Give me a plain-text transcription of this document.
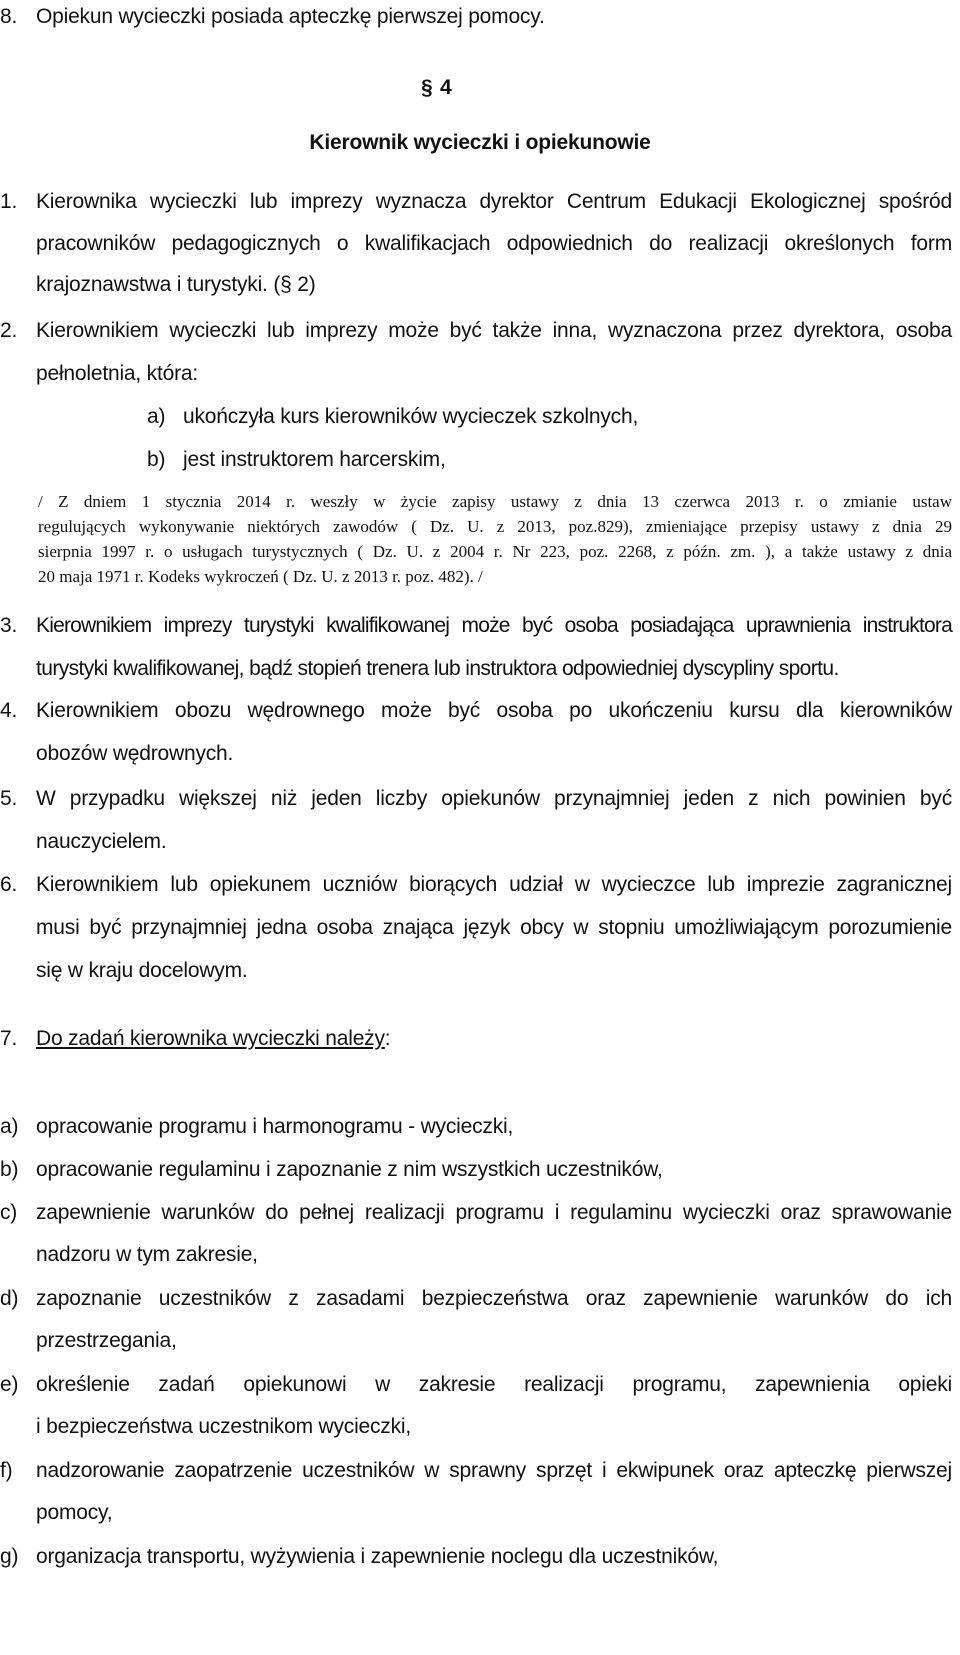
8. Opiekun wycieczki posiada apteczkę pierwszej pomocy.
§ 4
Kierownik wycieczki i opiekunowie
1. Kierownika wycieczki lub imprezy wyznacza dyrektor Centrum Edukacji Ekologicznej spośród
pracowników pedagogicznych o kwalifikacjach odpowiednich do realizacji określonych form
krajoznawstwa i turystyki. (§ 2)
2. Kierownikiem wycieczki lub imprezy może być także inna, wyznaczona przez dyrektora, osoba
pełnoletnia, która:
a) ukończyła kurs kierowników wycieczek szkolnych,
b) jest instruktorem harcerskim,
/ Z dniem 1 stycznia 2014 r. weszły w życie zapisy ustawy z dnia 13 czerwca 2013 r. o zmianie ustaw
regulujących wykonywanie niektórych zawodów ( Dz. U. z 2013, poz.829), zmieniające przepisy ustawy z dnia 29
sierpnia 1997 r. o usługach turystycznych ( Dz. U. z 2004 r. Nr 223, poz. 2268, z późn. zm. ), a także ustawy z dnia
20 maja 1971 r. Kodeks wykroczeń ( Dz. U. z 2013 r. poz. 482). /
3. Kierownikiem imprezy turystyki kwalifikowanej może być osoba posiadająca uprawnienia instruktora
turystyki kwalifikowanej, bądź stopień trenera lub instruktora odpowiedniej dyscypliny sportu.
4. Kierownikiem obozu wędrownego może być osoba po ukończeniu kursu dla kierowników
obozów wędrownych.
5. W przypadku większej niż jeden liczby opiekunów przynajmniej jeden z nich powinien być
nauczycielem.
6. Kierownikiem lub opiekunem uczniów biorących udział w wycieczce lub imprezie zagranicznej
musi być przynajmniej jedna osoba znająca język obcy w stopniu umożliwiającym porozumienie
się w kraju docelowym.
7. Do zadań kierownika wycieczki należy:
a) opracowanie programu i harmonogramu - wycieczki,
b) opracowanie regulaminu i zapoznanie z nim wszystkich uczestników,
c) zapewnienie warunków do pełnej realizacji programu i regulaminu wycieczki oraz sprawowanie
nadzoru w tym zakresie,
d) zapoznanie uczestników z zasadami bezpieczeństwa oraz zapewnienie warunków do ich
przestrzegania,
e) określenie zadań opiekunowi w zakresie realizacji programu, zapewnienia opieki
i bezpieczeństwa uczestnikom wycieczki,
f) nadzorowanie zaopatrzenie uczestników w sprawny sprzęt i ekwipunek oraz apteczkę pierwszej
pomocy,
g) organizacja transportu, wyżywienia i zapewnienie noclegu dla uczestników,
